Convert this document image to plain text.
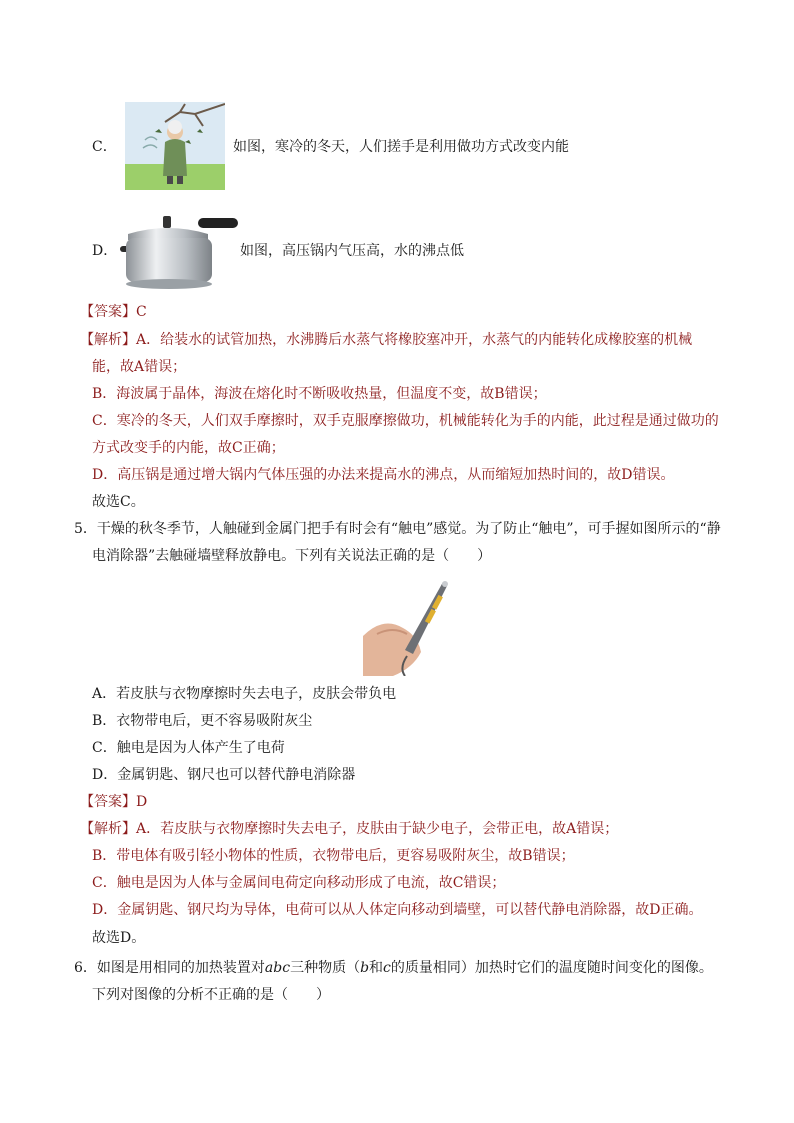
C．	如图，寒冷的冬天，人们搓手是利用做功方式改变内能
D．	如图，高压锅内气压高，水的沸点低
【答案】C
【解析】A．给装水的试管加热，水沸腾后水蒸气将橡胶塞冲开，水蒸气的内能转化成橡胶塞的机械
能，故A错误；
B．海波属于晶体，海波在熔化时不断吸收热量，但温度不变，故B错误；
C．寒冷的冬天，人们双手摩擦时，双手克服摩擦做功，机械能转化为手的内能，此过程是通过做功的
方式改变手的内能，故C正确；
D．高压锅是通过增大锅内气体压强的办法来提高水的沸点，从而缩短加热时间的，故D错误。
故选C。
5．干燥的秋冬季节，人触碰到金属门把手有时会有“触电”感觉。为了防止“触电”，可手握如图所示的“静
电消除器”去触碰墙壁释放静电。下列有关说法正确的是（　　）
A．若皮肤与衣物摩擦时失去电子，皮肤会带负电
B．衣物带电后，更不容易吸附灰尘
C．触电是因为人体产生了电荷
D．金属钥匙、钢尺也可以替代静电消除器
【答案】D
【解析】A．若皮肤与衣物摩擦时失去电子，皮肤由于缺少电子，会带正电，故A错误；
B．带电体有吸引轻小物体的性质，衣物带电后，更容易吸附灰尘，故B错误；
C．触电是因为人体与金属间电荷定向移动形成了电流，故C错误；
D．金属钥匙、钢尺均为导体，电荷可以从人体定向移动到墙壁，可以替代静电消除器，故D正确。
故选D。
6．如图是用相同的加热装置对abc三种物质（b和c的质量相同）加热时它们的温度随时间变化的图像。
下列对图像的分析不正确的是（　　）
